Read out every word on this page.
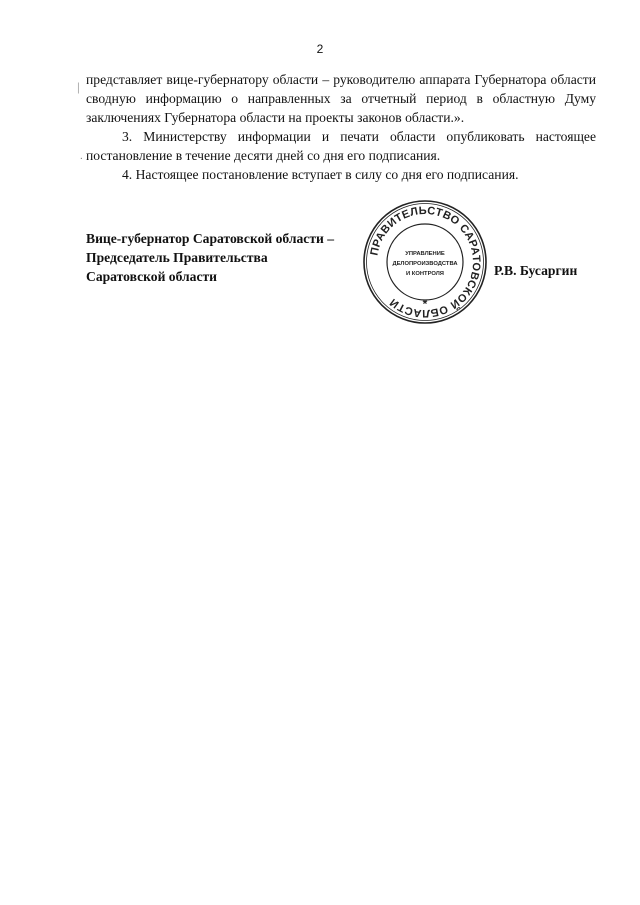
2

представляет вице-губернатору области – руководителю аппарата Губернатора области сводную информацию о направленных за отчетный период в областную Думу заключениях Губернатора области на проекты законов области.».

3. Министерству информации и печати области опубликовать настоящее постановление в течение десяти дней со дня его подписания.

4. Настоящее постановление вступает в силу со дня его подписания.

Вице-губернатор Саратовской области –
Председатель Правительства
Саратовской области
ПРАВИТЕЛЬСТВО САРАТОВСКОЙ ОБЛАСТИ
УПРАВЛЕНИЕ
ДЕЛОПРОИЗВОДСТВА
И КОНТРОЛЯ
*
Р.В. Бусаргин
|
.
